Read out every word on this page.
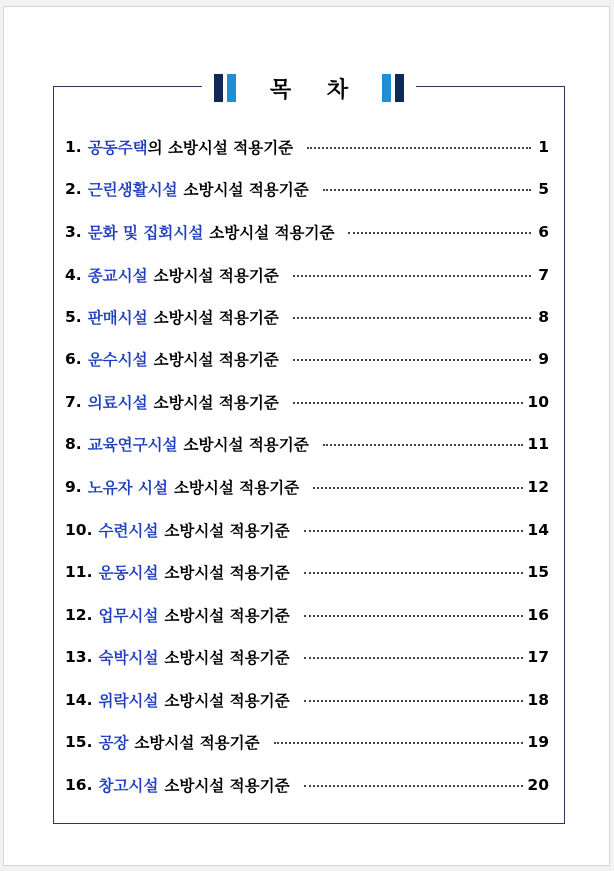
목 차
1. 공동주택 의 소방시설 적용기준	1
2. 근린생활시설 소방시설 적용기준	5
3. 문화 및 집회시설 소방시설 적용기준	6
4. 종교시설 소방시설 적용기준	7
5. 판매시설 소방시설 적용기준	8
6. 운수시설 소방시설 적용기준	9
7. 의료시설 소방시설 적용기준	10
8. 교육연구시설 소방시설 적용기준	11
9. 노유자 시설 소방시설 적용기준	12
10. 수련시설 소방시설 적용기준	14
11. 운동시설 소방시설 적용기준	15
12. 업무시설 소방시설 적용기준	16
13. 숙박시설 소방시설 적용기준	17
14. 위락시설 소방시설 적용기준	18
15. 공장 소방시설 적용기준	19
16. 창고시설 소방시설 적용기준	20
